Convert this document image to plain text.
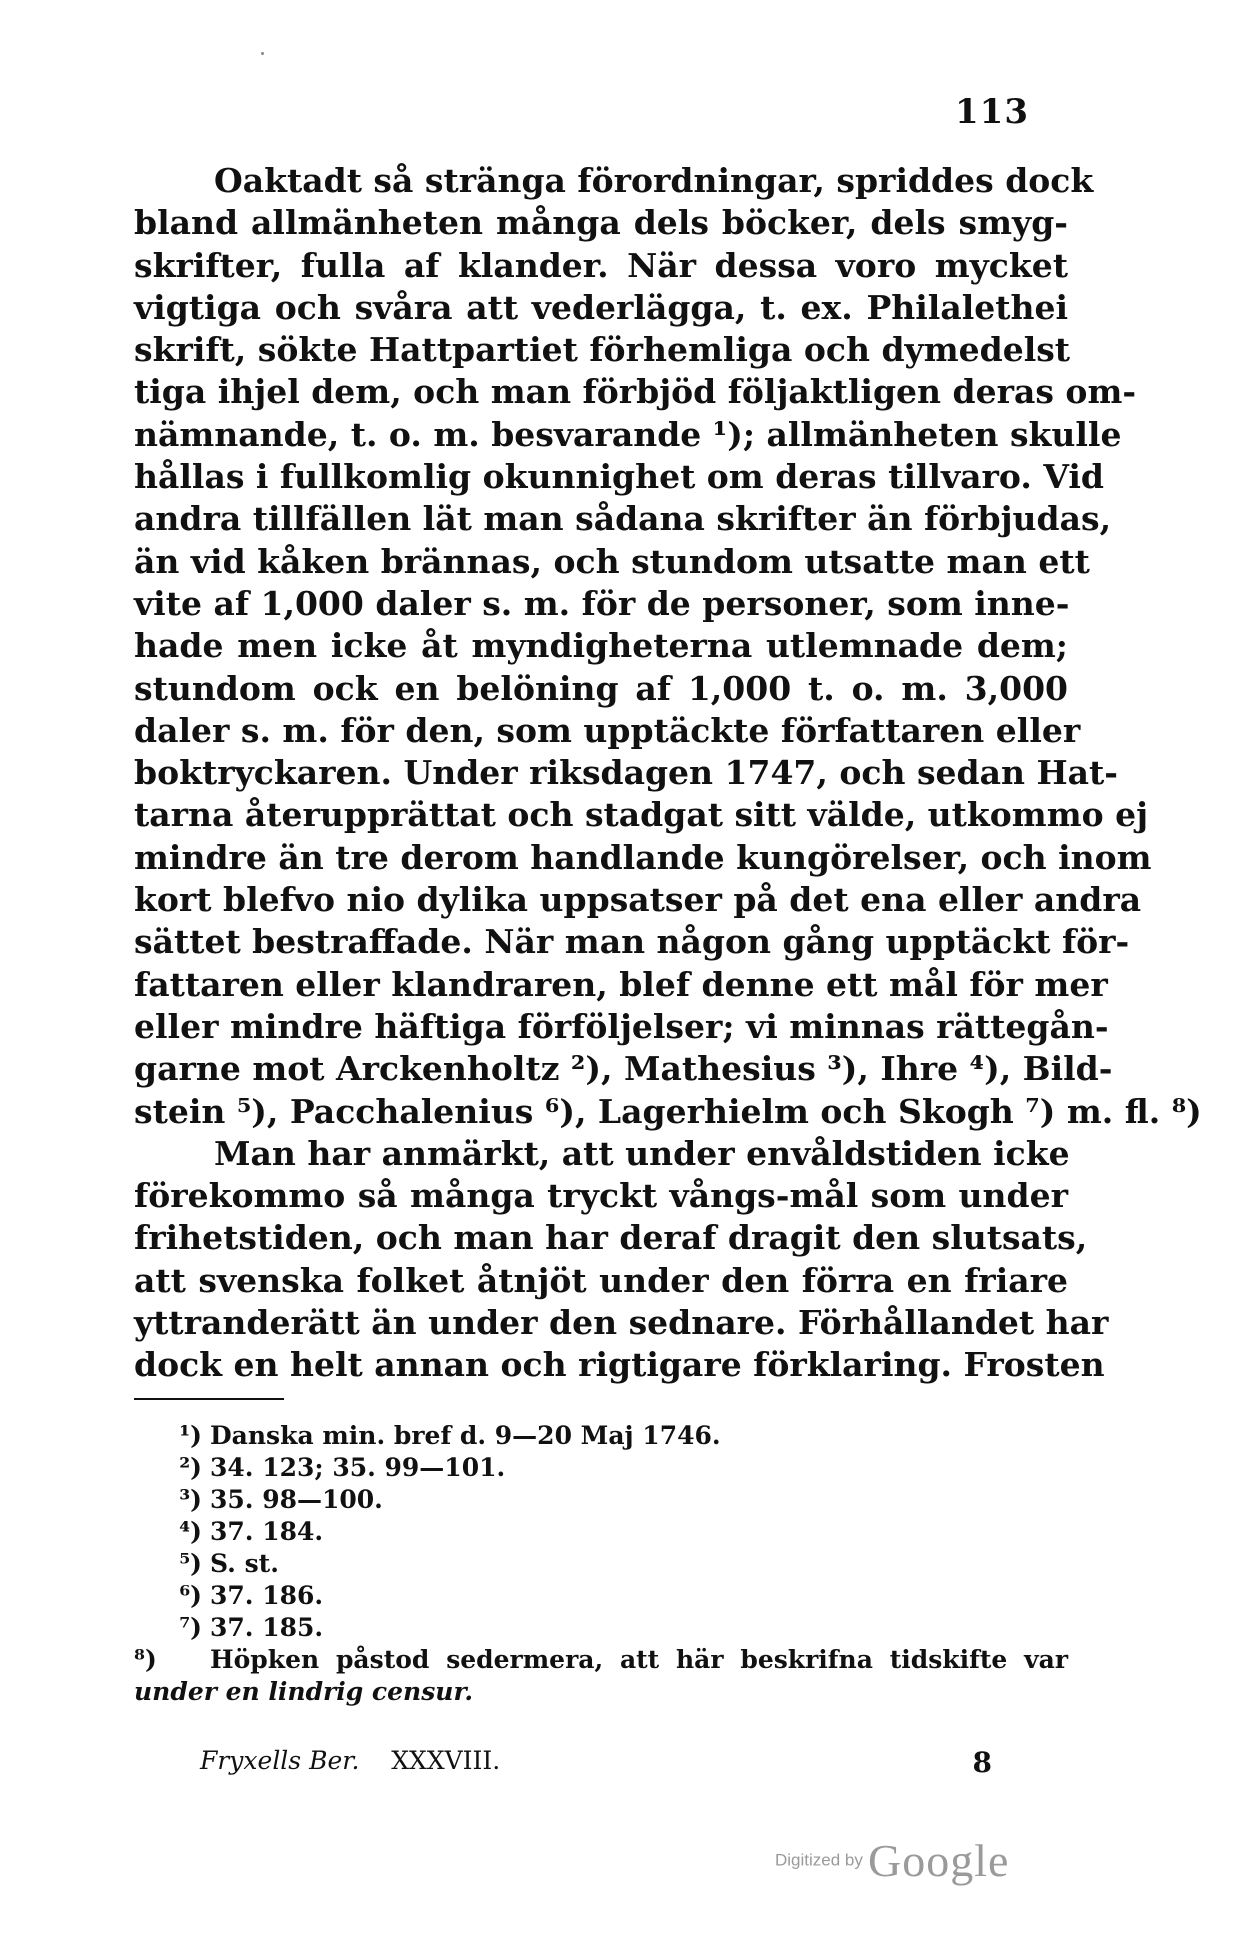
113
Oaktadt så stränga förordningar, spriddes dock
bland allmänheten många dels böcker, dels smyg-
skrifter, fulla af klander. När dessa voro mycket
vigtiga och svåra att vederlägga, t. ex. Philalethei
skrift, sökte Hattpartiet förhemliga och dymedelst
tiga ihjel dem, och man förbjöd följaktligen deras om-
nämnande, t. o. m. besvarande ¹); allmänheten skulle
hållas i fullkomlig okunnighet om deras tillvaro. Vid
andra tillfällen lät man sådana skrifter än förbjudas,
än vid kåken brännas, och stundom utsatte man ett
vite af 1,000 daler s. m. för de personer, som inne-
hade men icke åt myndigheterna utlemnade dem;
stundom ock en belöning af 1,000 t. o. m. 3,000
daler s. m. för den, som upptäckte författaren eller
boktryckaren. Under riksdagen 1747, och sedan Hat-
tarna återupprättat och stadgat sitt välde, utkommo ej
mindre än tre derom handlande kungörelser, och inom
kort blefvo nio dylika uppsatser på det ena eller andra
sättet bestraffade. När man någon gång upptäckt för-
fattaren eller klandraren, blef denne ett mål för mer
eller mindre häftiga förföljelser; vi minnas rättegån-
garne mot Arckenholtz ²), Mathesius ³), Ihre ⁴), Bild-
stein ⁵), Pacchalenius ⁶), Lagerhielm och Skogh ⁷) m. fl. ⁸)
Man har anmärkt, att under envåldstiden icke
förekommo så många tryckt vångs-mål som under
frihetstiden, och man har deraf dragit den slutsats,
att svenska folket åtnjöt under den förra en friare
yttranderätt än under den sednare. Förhållandet har
dock en helt annan och rigtigare förklaring. Frosten
¹) Danska min. bref d. 9—20 Maj 1746.
²) 34. 123; 35. 99—101.
³) 35. 98—100.
⁴) 37. 184.
⁵) S. st.
⁶) 37. 186.
⁷) 37. 185.
⁸) Höpken påstod sedermera, att här beskrifna tidskifte var
under en lindrig censur.
Fryxells Ber. XXXVIII.	8
Digitized by Google
